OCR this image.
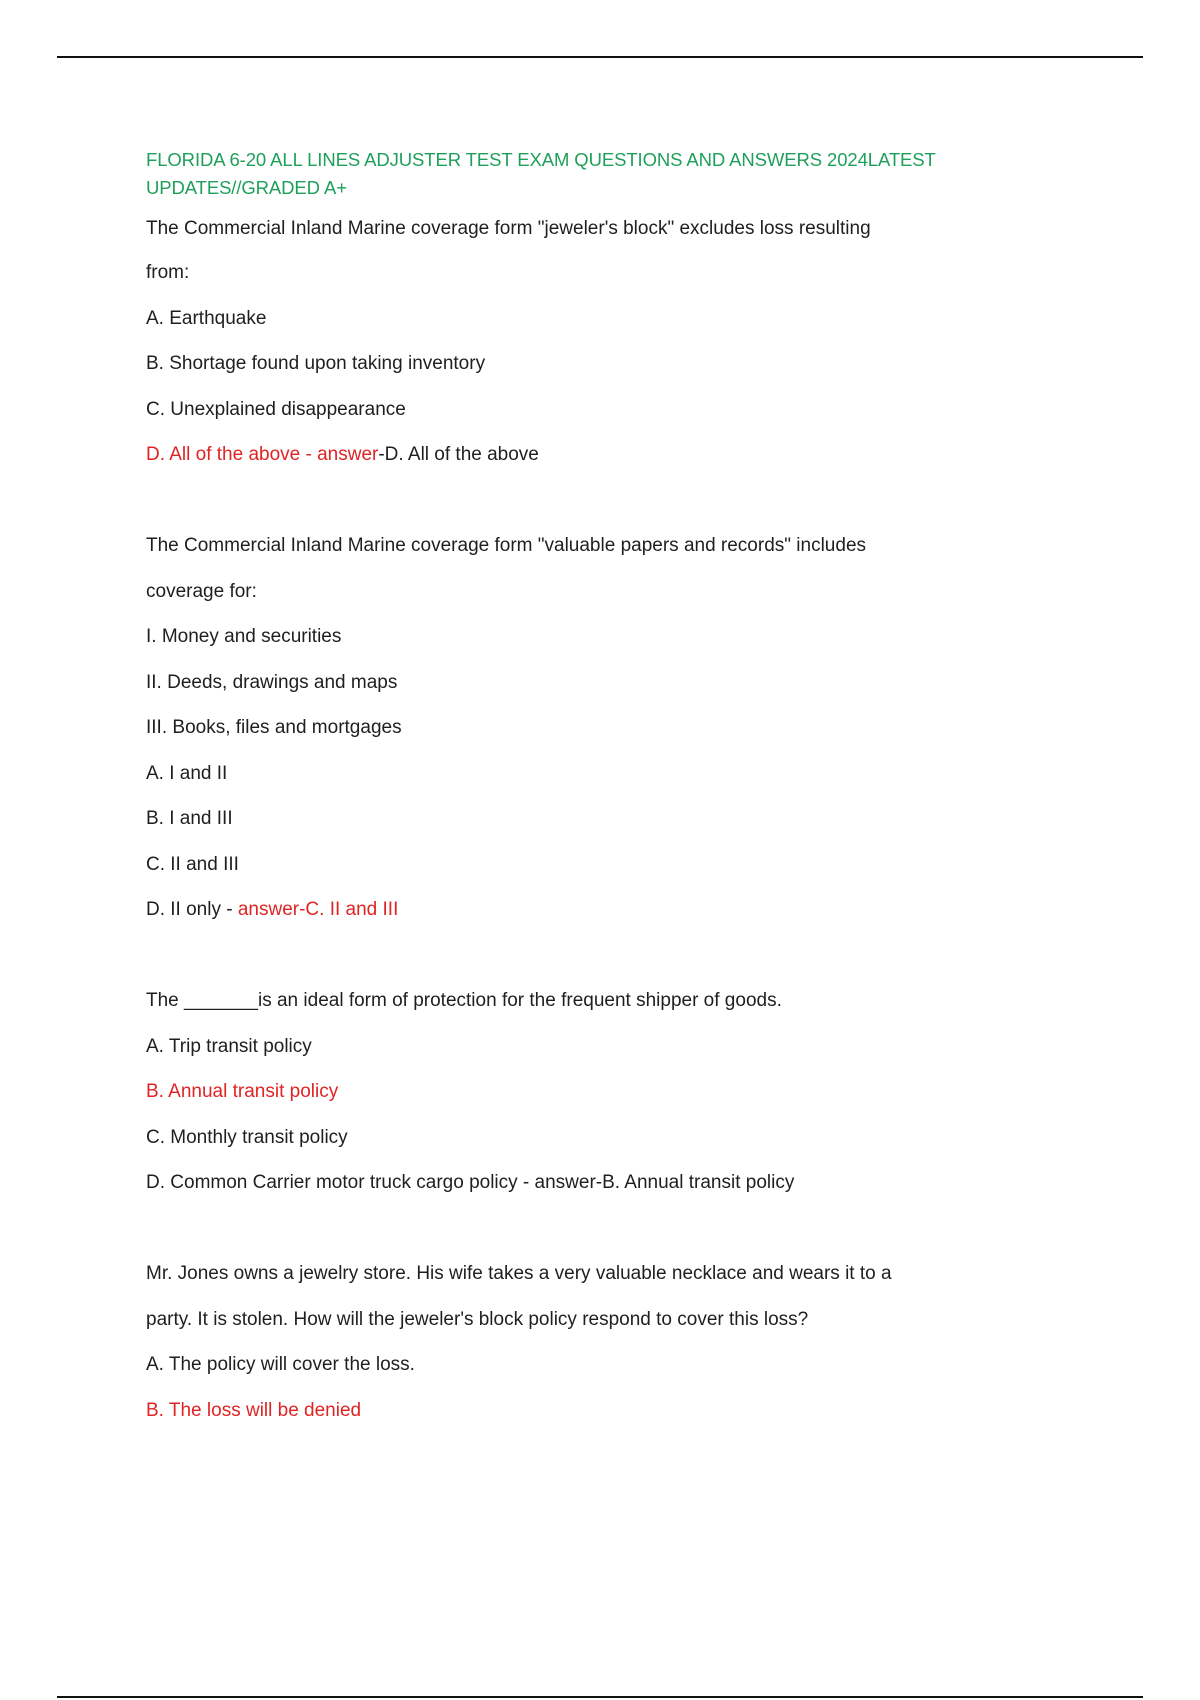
FLORIDA 6-20 ALL LINES ADJUSTER TEST EXAM QUESTIONS AND ANSWERS 2024LATEST UPDATES//GRADED A+

The Commercial Inland Marine coverage form "jeweler's block" excludes loss resulting

from:

A. Earthquake

B. Shortage found upon taking inventory

C. Unexplained disappearance

D. All of the above - answer-D. All of the above

The Commercial Inland Marine coverage form "valuable papers and records" includes

coverage for:

I. Money and securities

II. Deeds, drawings and maps

III. Books, files and mortgages

A. I and II

B. I and III

C. II and III

D. II only - answer-C. II and III

The _______is an ideal form of protection for the frequent shipper of goods.

A. Trip transit policy

B. Annual transit policy

C. Monthly transit policy

D. Common Carrier motor truck cargo policy - answer-B. Annual transit policy

Mr. Jones owns a jewelry store. His wife takes a very valuable necklace and wears it to a

party. It is stolen. How will the jeweler's block policy respond to cover this loss?

A. The policy will cover the loss.

B. The loss will be denied
